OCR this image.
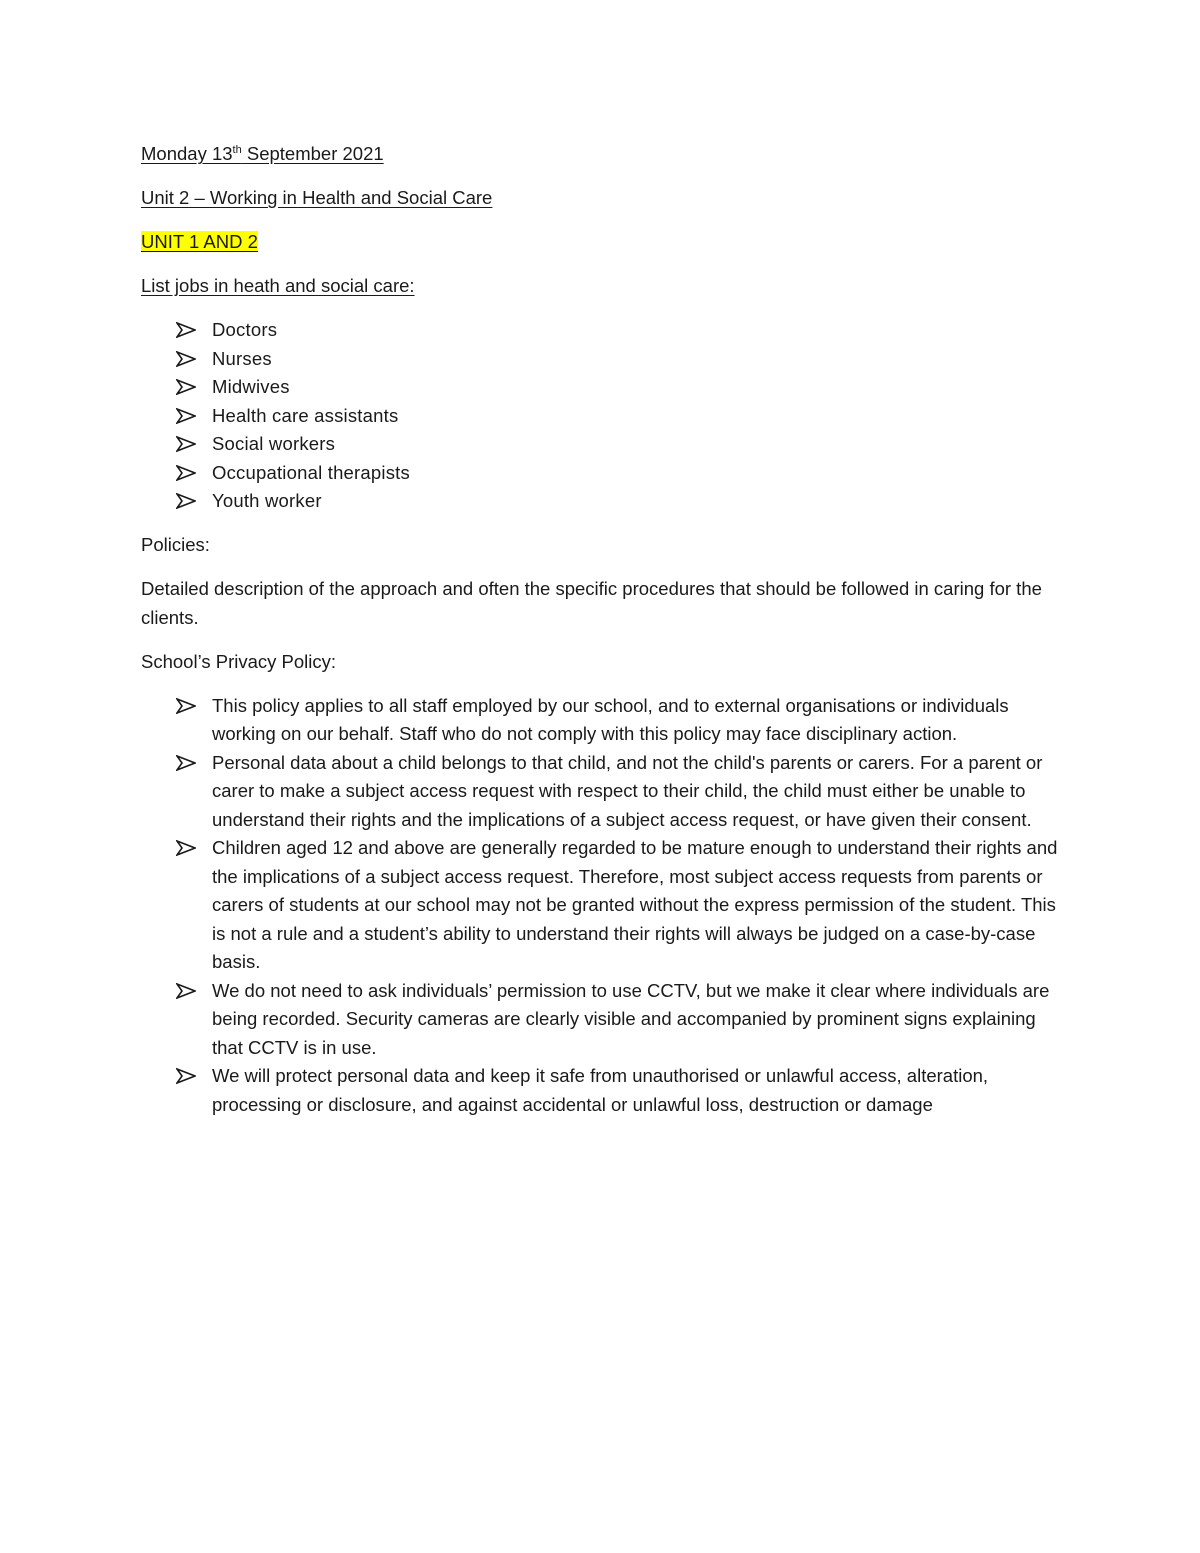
Monday 13th September 2021

Unit 2 – Working in Health and Social Care

UNIT 1 AND 2

List jobs in heath and social care:

Doctors
Nurses
Midwives
Health care assistants
Social workers
Occupational therapists
Youth worker

Policies:

Detailed description of the approach and often the specific procedures that should be followed in caring for the clients.

School’s Privacy Policy:

This policy applies to all staff employed by our school, and to external organisations or individuals working on our behalf. Staff who do not comply with this policy may face disciplinary action.
Personal data about a child belongs to that child, and not the child's parents or carers. For a parent or carer to make a subject access request with respect to their child, the child must either be unable to understand their rights and the implications of a subject access request, or have given their consent.
Children aged 12 and above are generally regarded to be mature enough to understand their rights and the implications of a subject access request. Therefore, most subject access requests from parents or carers of students at our school may not be granted without the express permission of the student. This is not a rule and a student’s ability to understand their rights will always be judged on a case-by-case basis.
We do not need to ask individuals’ permission to use CCTV, but we make it clear where individuals are being recorded. Security cameras are clearly visible and accompanied by prominent signs explaining that CCTV is in use.
We will protect personal data and keep it safe from unauthorised or unlawful access, alteration, processing or disclosure, and against accidental or unlawful loss, destruction or damage
